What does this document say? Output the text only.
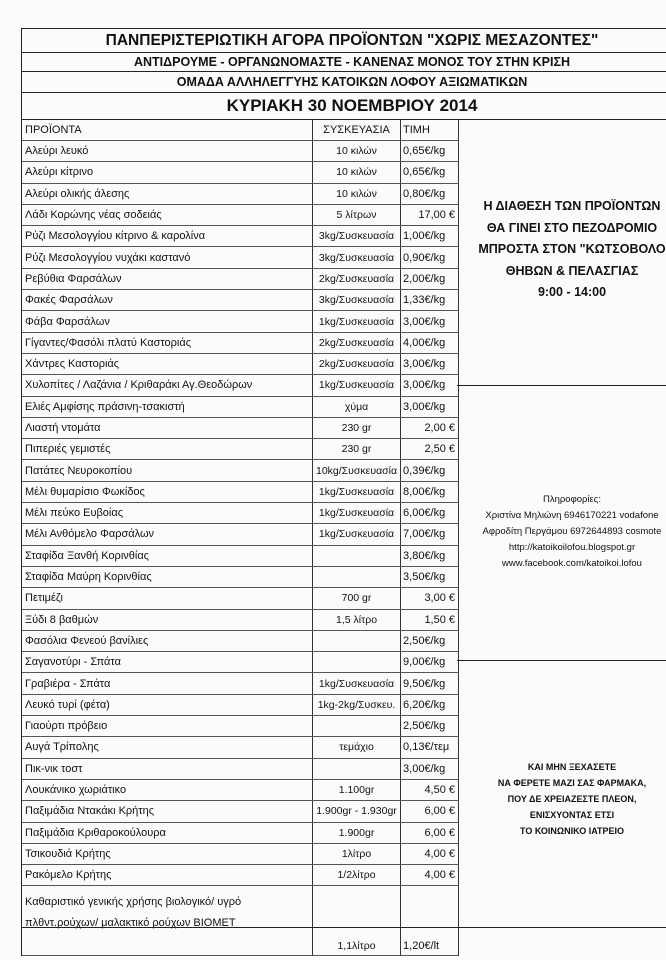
ΠΑΝΠΕΡΙΣΤΕΡΙΩΤΙΚΗ ΑΓΟΡΑ ΠΡΟΪΟΝΤΩΝ "ΧΩΡΙΣ ΜΕΣΑΖΟΝΤΕΣ"
ΑΝΤΙΔΡΟΥΜΕ - ΟΡΓΑΝΩΝΟΜΑΣΤΕ - ΚΑΝΕΝΑΣ ΜΟΝΟΣ ΤΟΥ ΣΤΗΝ ΚΡΙΣΗ
ΟΜΑΔΑ ΑΛΛΗΛΕΓΓΥΗΣ ΚΑΤΟΙΚΩΝ ΛΟΦΟΥ ΑΞΙΩΜΑΤΙΚΩΝ
ΚΥΡΙΑΚΗ 30 ΝΟΕΜΒΡΙΟΥ 2014
ΠΡΟΪΟΝΤΑ	ΣΥΣΚΕΥΑΣΙΑ	ΤΙΜΗ
Αλεύρι λευκό	10 κιλών	0,65€/kg
Αλεύρι κίτρινο	10 κιλών	0,65€/kg
Αλεύρι ολικής άλεσης	10 κιλών	0,80€/kg
Λάδι Κορώνης νέας σοδειάς	5 λίτρων	17,00 €
Ρύζι Μεσολογγίου κίτρινο & καρολίνα	3kg/Συσκευασία	1,00€/kg
Ρύζι Μεσολογγίου νυχάκι καστανό	3kg/Συσκευασία	0,90€/kg
Ρεβύθια Φαρσάλων	2kg/Συσκευασία	2,00€/kg
Φακές Φαρσάλων	3kg/Συσκευασία	1,33€/kg
Φάβα Φαρσάλων	1kg/Συσκευασία	3,00€/kg
Γίγαντες/Φασόλι πλατύ Καστοριάς	2kg/Συσκευασία	4,00€/kg
Χάντρες Καστοριάς	2kg/Συσκευασία	3,00€/kg
Χυλοπίτες / Λαζάνια / Κριθαράκι Αγ.Θεοδώρων	1kg/Συσκευασία	3,00€/kg
Ελιές Αμφίσης πράσινη-τσακιστή	χύμα	3,00€/kg
Λιαστή ντομάτα	230 gr	2,00 €
Πιπεριές γεμιστές	230 gr	2,50 €
Πατάτες Νευροκοπίου	10kg/Συσκευασία	0,39€/kg
Μέλι θυμαρίσιο Φωκίδος	1kg/Συσκευασία	8,00€/kg
Μέλι πεύκο Ευβοίας	1kg/Συσκευασία	6,00€/kg
Μέλι Ανθόμελο Φαρσάλων	1kg/Συσκευασία	7,00€/kg
Σταφίδα Ξανθή Κορινθίας		3,80€/kg
Σταφίδα Μαύρη Κορινθίας		3,50€/kg
Πετιμέζι	700 gr	3,00 €
Ξύδι 8 βαθμών	1,5 λίτρο	1,50 €
Φασόλια Φενεού βανίλιες		2,50€/kg
Σαγανοτύρι - Σπάτα		9,00€/kg
Γραβιέρα - Σπάτα	1kg/Συσκευασία	9,50€/kg
Λευκό τυρί (φέτα)	1kg-2kg/Συσκευ.	6,20€/kg
Γιαούρτι πρόβειο		2,50€/kg
Αυγά Τρίπολης	τεμάχιο	0,13€/τεμ
Πικ-νικ τοστ		3,00€/kg
Λουκάνικο χωριάτικο	1.100gr	4,50 €
Παξιμάδια Ντακάκι Κρήτης	1.900gr - 1.930gr	6,00 €
Παξιμάδια Κριθαροκούλουρα	1.900gr	6,00 €
Τσικουδιά Κρήτης	1λίτρο	4,00 €
Ρακόμελο Κρήτης	1/2λίτρο	4,00 €
Καθαριστικό γενικής χρήσης βιολογικό/ υγρό πλθντ.ρούχων/ μαλακτικό ρούχων BIOMET	1,1λίτρο	1,20€/lt
Η ΔΙΑΘΕΣΗ ΤΩΝ ΠΡΟΪΟΝΤΩΝ
ΘΑ ΓΙΝΕΙ ΣΤΟ ΠΕΖΟΔΡΟΜΙΟ
ΜΠΡΟΣΤΑ ΣΤΟΝ "ΚΩΤΣΟΒΟΛΟ
ΘΗΒΩΝ & ΠΕΛΑΣΓΙΑΣ
9:00 - 14:00
Πληροφορίες:
Χριστίνα Μηλιώνη 6946170221 vodafone
Αφροδίτη Περγάμου 6972644893 cosmote
http://katoikoilofou.blogspot.gr
www.facebook.com/katoikoi.lofou
ΚΑΙ ΜΗΝ ΞΕΧΑΣΕΤΕ
ΝΑ ΦΕΡΕΤΕ ΜΑΖΙ ΣΑΣ ΦΑΡΜΑΚΑ,
ΠΟΥ ΔΕ ΧΡΕΙΑΖΕΣΤΕ ΠΛΕΟΝ,
ΕΝΙΣΧΥΟΝΤΑΣ ΕΤΣΙ
ΤΟ ΚΟΙΝΩΝΙΚΟ ΙΑΤΡΕΙΟ
